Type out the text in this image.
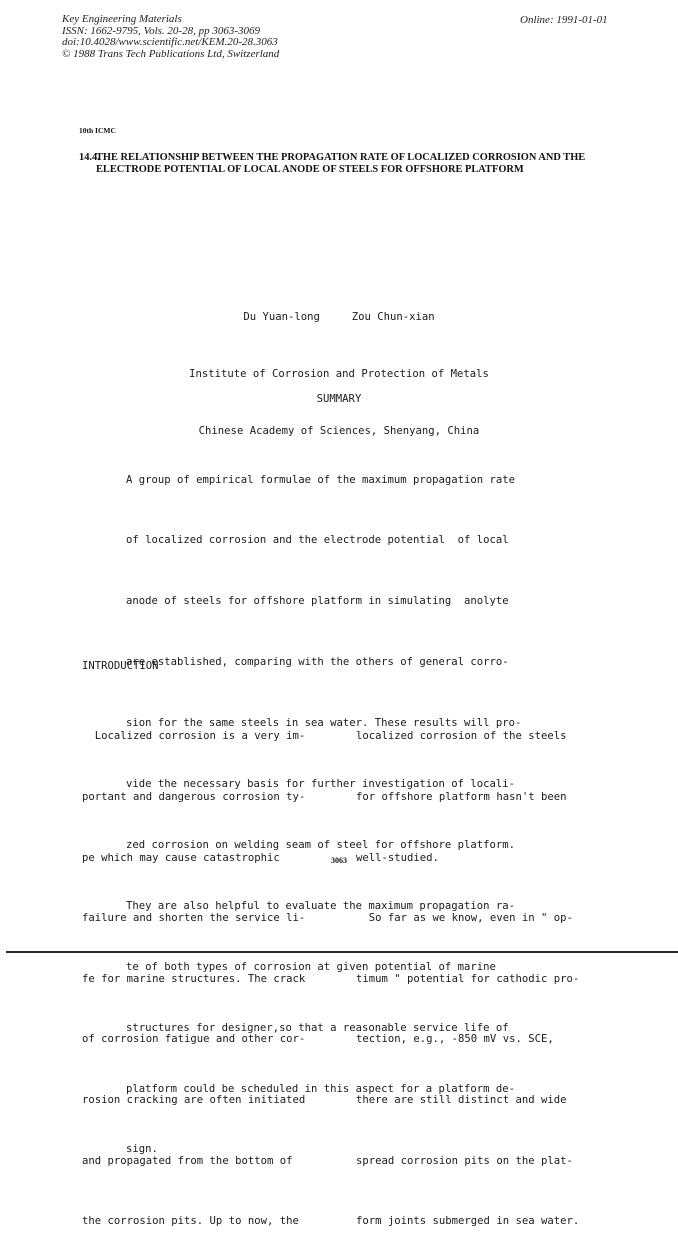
Key Engineering Materials
ISSN: 1662-9795, Vols. 20-28, pp 3063-3069
doi:10.4028/www.scientific.net/KEM.20-28.3063
© 1988 Trans Tech Publications Ltd, Switzerland
Online: 1991-01-01
10th ICMC
14.4.THE RELATIONSHIP BETWEEN THE PROPAGATION RATE OF LOCALIZED CORROSION AND THE
ELECTRODE POTENTIAL OF LOCAL ANODE OF STEELS FOR OFFSHORE PLATFORM

Du Yuan-long     Zou Chun-xian

Institute of Corrosion and Protection of Metals

Chinese Academy of Sciences, Shenyang, China

SUMMARY

A group of empirical formulae of the maximum propagation rate

of localized corrosion and the electrode potential  of local

anode of steels for offshore platform in simulating  anolyte

are established, comparing with the others of general corro-

sion for the same steels in sea water. These results will pro-

vide the necessary basis for further investigation of locali-

zed corrosion on welding seam of steel for offshore platform.

They are also helpful to evaluate the maximum propagation ra-

te of both types of corrosion at given potential of marine

structures for designer,so that a reasonable service life of

platform could be scheduled in this aspect for a platform de-

sign.

INTRODUCTION

Localized corrosion is a very im-

portant and dangerous corrosion ty-

pe which may cause catastrophic

failure and shorten the service li-

fe for marine structures. The crack

of corrosion fatigue and other cor-

rosion cracking are often initiated

and propagated from the bottom of

the corrosion pits. Up to now, the

localized corrosion of the steels

for offshore platform hasn't been

well-studied.

So far as we know, even in " op-

timum " potential for cathodic pro-

tection, e.g., -850 mV vs. SCE,

there are still distinct and wide

spread corrosion pits on the plat-

form joints submerged in sea water.

3063
